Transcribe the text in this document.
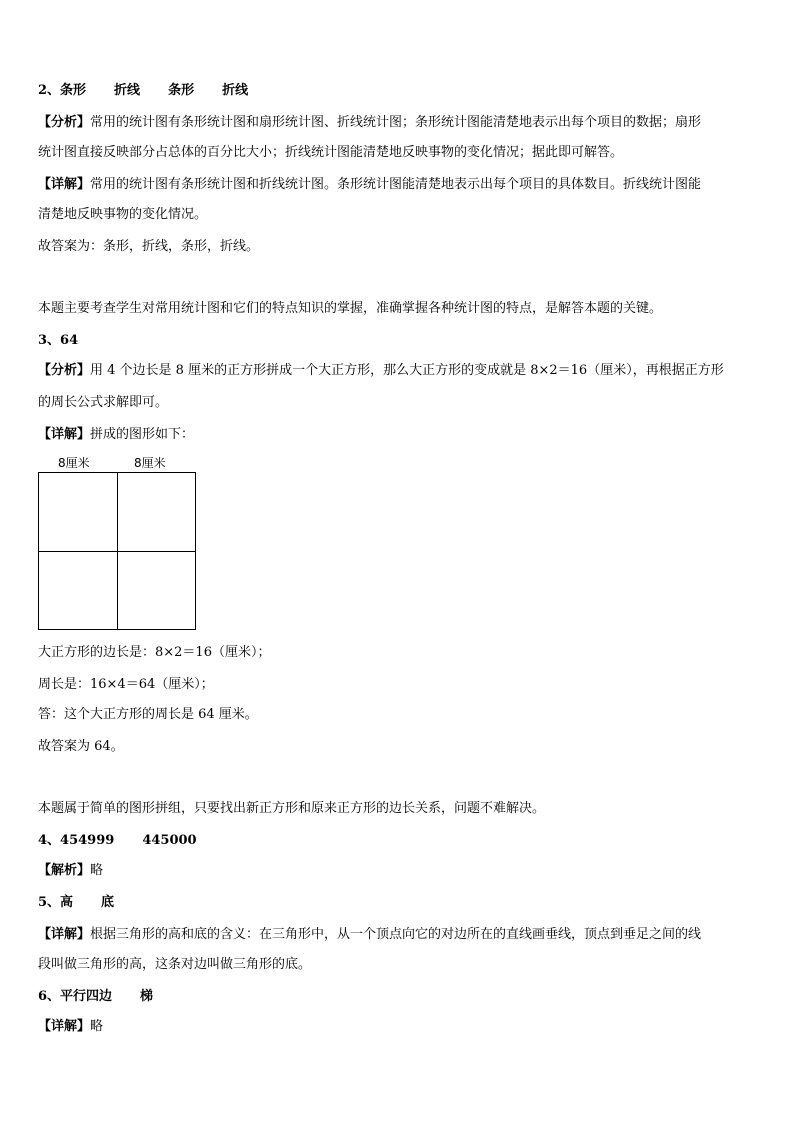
2、条形 折线 条形 折线
【分析】常用的统计图有条形统计图和扇形统计图、折线统计图；条形统计图能清楚地表示出每个项目的数据；扇形
统计图直接反映部分占总体的百分比大小；折线统计图能清楚地反映事物的变化情况；据此即可解答。
【详解】常用的统计图有条形统计图和折线统计图。条形统计图能清楚地表示出每个项目的具体数目。折线统计图能
清楚地反映事物的变化情况。
故答案为：条形，折线，条形，折线。
本题主要考查学生对常用统计图和它们的特点知识的掌握，准确掌握各种统计图的特点，是解答本题的关键。
3、64
【分析】用 4 个边长是 8 厘米的正方形拼成一个大正方形，那么大正方形的变成就是 8×2＝16（厘米），再根据正方形
的周长公式求解即可。
【详解】拼成的图形如下：
8厘米	8厘米
大正方形的边长是：8×2＝16（厘米）；
周长是：16×4＝64（厘米）；
答：这个大正方形的周长是 64 厘米。
故答案为 64。
本题属于简单的图形拼组，只要找出新正方形和原来正方形的边长关系，问题不难解决。
4、454999 445000
【解析】略
5、高 底
【详解】根据三角形的高和底的含义：在三角形中，从一个顶点向它的对边所在的直线画垂线，顶点到垂足之间的线
段叫做三角形的高，这条对边叫做三角形的底。
6、平行四边 梯
【详解】略
